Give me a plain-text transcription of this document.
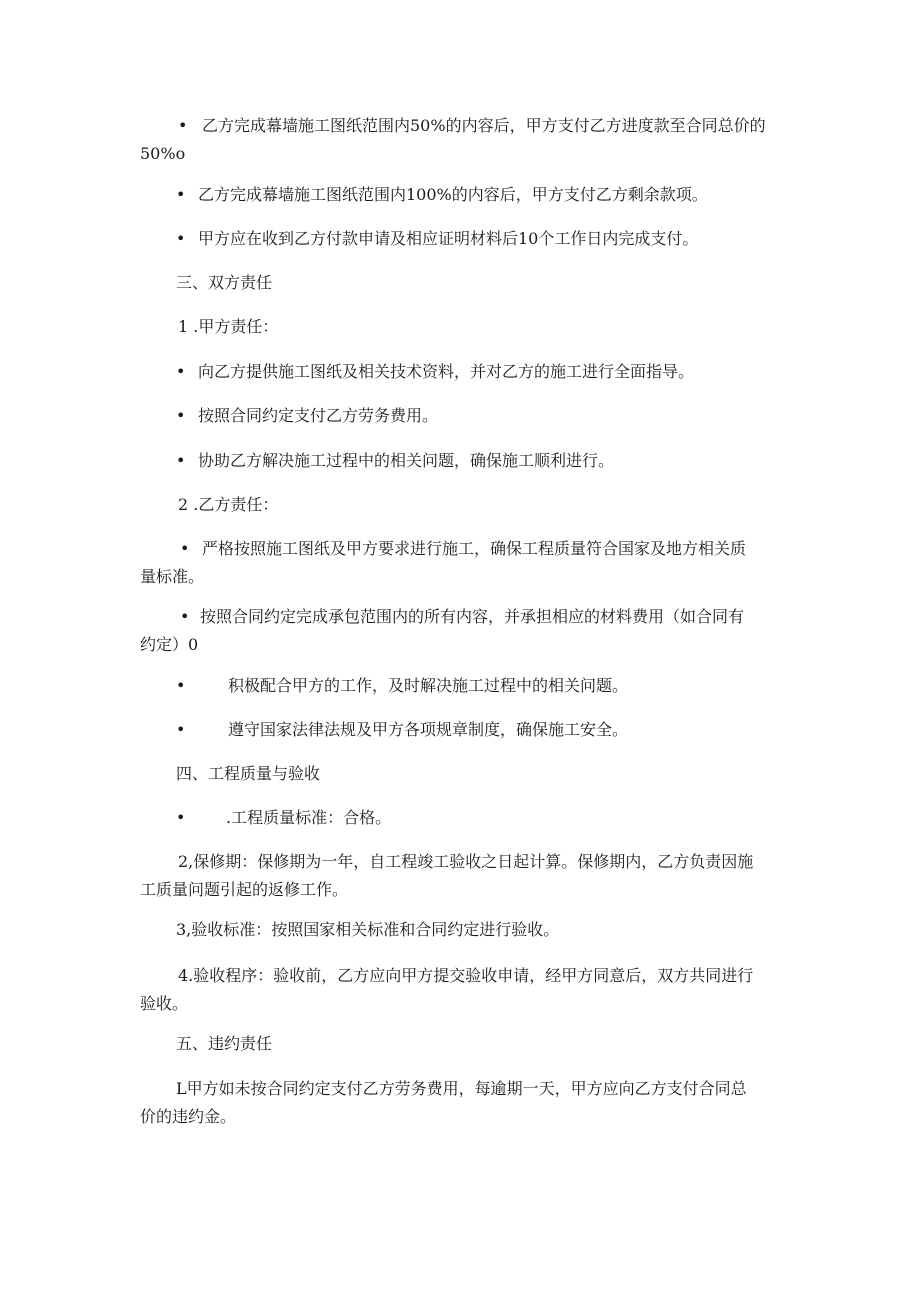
• 乙方完成幕墙施工图纸范围内50%的内容后，甲方支付乙方进度款至合同总价的
50%o
• 乙方完成幕墙施工图纸范围内100%的内容后，甲方支付乙方剩余款项。
• 甲方应在收到乙方付款申请及相应证明材料后10个工作日内完成支付。
三、双方责任
1 .甲方责任：
• 向乙方提供施工图纸及相关技术资料，并对乙方的施工进行全面指导。
• 按照合同约定支付乙方劳务费用。
• 协助乙方解决施工过程中的相关问题，确保施工顺利进行。
2 .乙方责任：
• 严格按照施工图纸及甲方要求进行施工，确保工程质量符合国家及地方相关质
量标准。
• 按照合同约定完成承包范围内的所有内容，并承担相应的材料费用（如合同有
约定）0
•	积极配合甲方的工作，及时解决施工过程中的相关问题。
•	遵守国家法律法规及甲方各项规章制度，确保施工安全。
四、工程质量与验收
•	.工程质量标准：合格。
2,保修期：保修期为一年，自工程竣工验收之日起计算。保修期内，乙方负责因施
工质量问题引起的返修工作。
3,验收标准：按照国家相关标准和合同约定进行验收。
4.验收程序：验收前，乙方应向甲方提交验收申请，经甲方同意后，双方共同进行
验收。
五、违约责任
L甲方如未按合同约定支付乙方劳务费用，每逾期一天，甲方应向乙方支付合同总
价的违约金。
